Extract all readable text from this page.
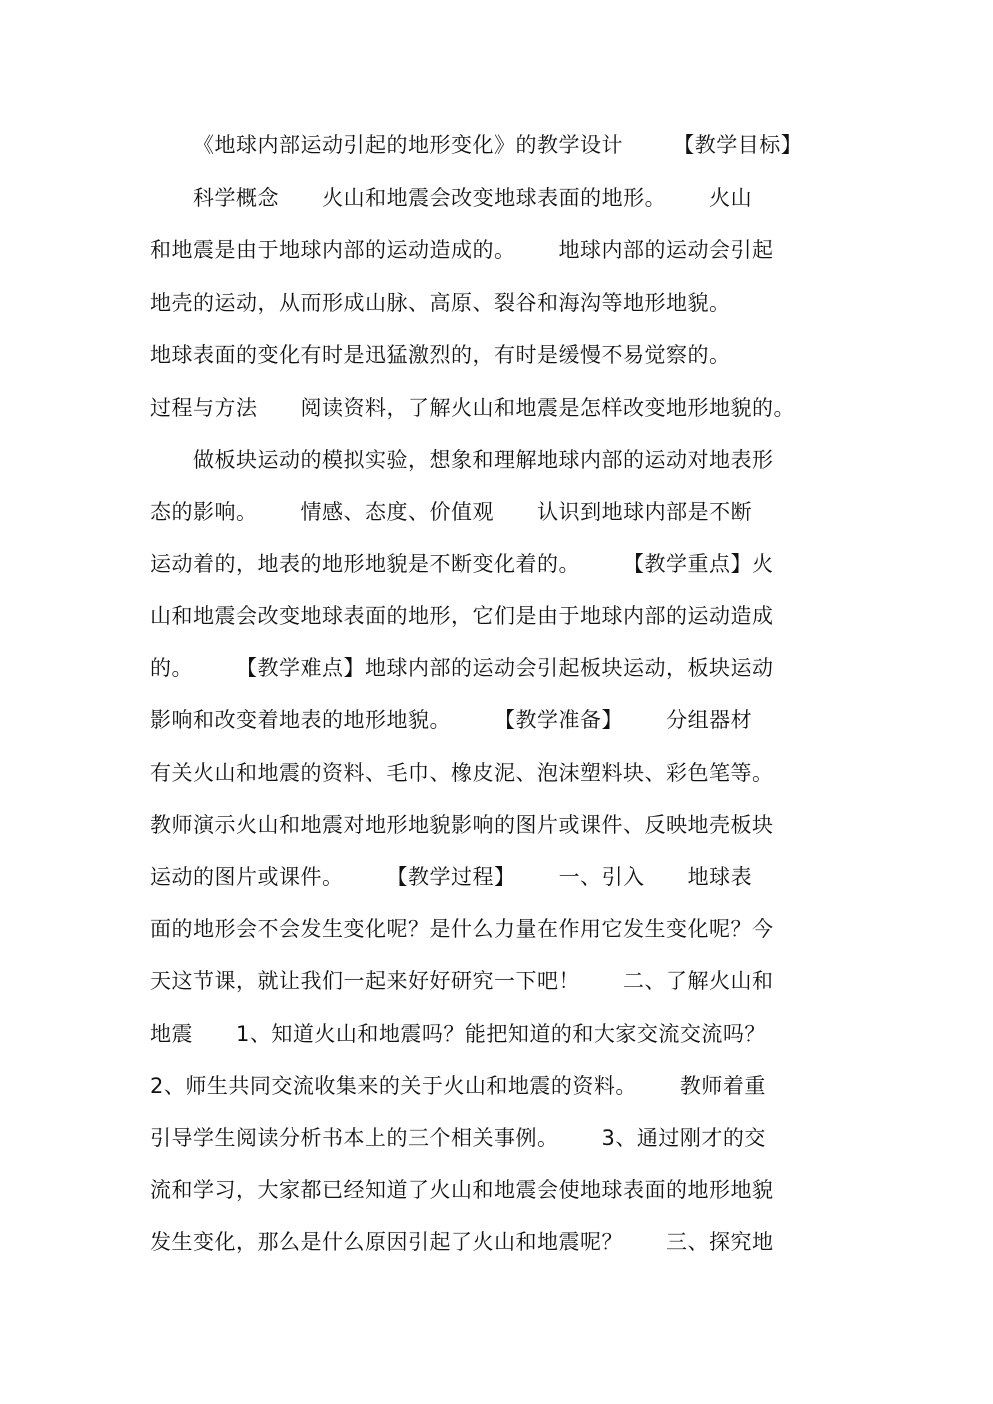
《地球内部运动引起的地形变化》的教学设计       【教学目标】
科学概念      火山和地震会改变地球表面的地形。      火山
和地震是由于地球内部的运动造成的。      地球内部的运动会引起
地壳的运动，从而形成山脉、高原、裂谷和海沟等地形地貌。
地球表面的变化有时是迅猛激烈的，有时是缓慢不易觉察的。
过程与方法      阅读资料，了解火山和地震是怎样改变地形地貌的。
做板块运动的模拟实验，想象和理解地球内部的运动对地表形
态的影响。      情感、态度、价值观      认识到地球内部是不断
运动着的，地表的地形地貌是不断变化着的。      【教学重点】火
山和地震会改变地球表面的地形，它们是由于地球内部的运动造成
的。      【教学难点】地球内部的运动会引起板块运动，板块运动
影响和改变着地表的地形地貌。      【教学准备】      分组器材
有关火山和地震的资料、毛巾、橡皮泥、泡沫塑料块、彩色笔等。
教师演示火山和地震对地形地貌影响的图片或课件、反映地壳板块
运动的图片或课件。      【教学过程】      一、引入      地球表
面的地形会不会发生变化呢？是什么力量在作用它发生变化呢？今
天这节课，就让我们一起来好好研究一下吧！      二、了解火山和
地震      1、知道火山和地震吗？能把知道的和大家交流交流吗？
2、师生共同交流收集来的关于火山和地震的资料。      教师着重
引导学生阅读分析书本上的三个相关事例。      3、通过刚才的交
流和学习，大家都已经知道了火山和地震会使地球表面的地形地貌
发生变化，那么是什么原因引起了火山和地震呢？      三、探究地
